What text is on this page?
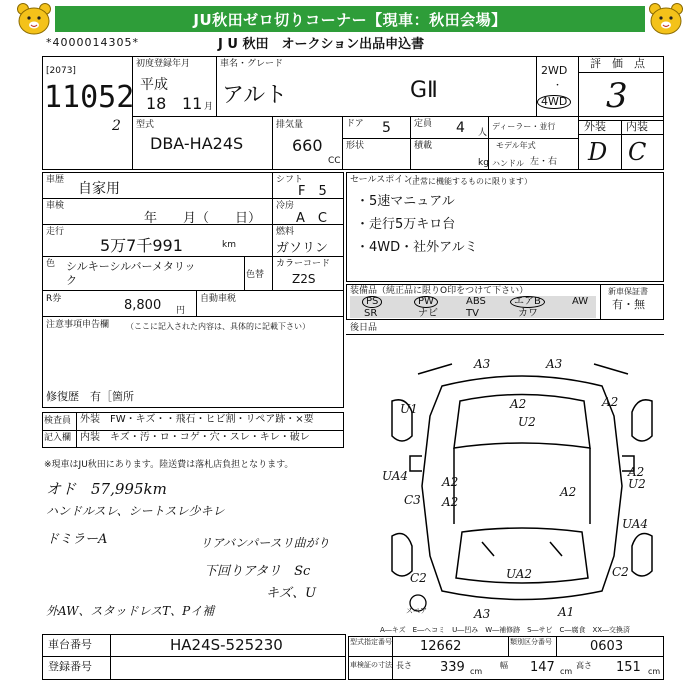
JU秋田ゼロ切りコーナー【現車：秋田会場】
*4000014305*	J U 秋田　オークション出品申込書
[2073]
11052
2
初度登録年月
平成
18 11 月
車名・グレード
アルト	GⅡ
2WD
・
4WD
評　価　点
3
型式
DBA-HA24S
排気量
660
CC
ドア 5	定員 4 人
形状	積載
kg
ディーラー・並行
モデル年式
ハンドル 左・右
外装 内装
D C
車歴
自家用
シフト
F　5
車検
年　　月（　　日）
冷房
A　C
走行
5万7千991	km
燃料
ガソリン
色 シルキーシルバーメタリッ
ク	色替
カラーコード
Z2S
R券	8,800 円
自動車税
注意事項申告欄 （ここに記入された内容は、具体的に記載下さい）
修復歴　有［箇所
セールスポイント
（正常に機能するものに限ります）
・5速マニュアル
・走行5万キロ台
・4WD・社外アルミ
装備品（純正品に限りO印をつけて下さい）	新車保証書
有・無
PS	PW	ABS	エアB	AW
SR	ナビ	TV	カワ
後日品
検査員
記入欄
外装　FW・キズ・・飛石・ヒビ割・リペア跡・×要
内装　キズ・汚・ロ・コゲ・穴・スレ・キレ・破レ
※現車はJU秋田にあります。陸送費は落札店負担となります。
オド　57,995km
ハンドルスレ、シートスレ少キレ
ドミラーA	リアバンパースリ曲がり
下回りアタリ　Sc
キズ、U
外AW、スタッドレスT、Pイ補
A3	A3
U1	A2	A2
U2
A2
UA4
C3 A2
A2
U2
A2
UA4
C2	UA2	C2
A3	A1
スペア
A―キズ　E―ヘコミ　U―凹み　W―補修跡　S―サビ　C―腐食　XX―交換済
車台番号	HA24S-525230
登録番号
型式指定番号 12662	類別区分番号	0603
車検証の寸法 長さ 339 cm
幅 147 cm
高さ 151 cm
